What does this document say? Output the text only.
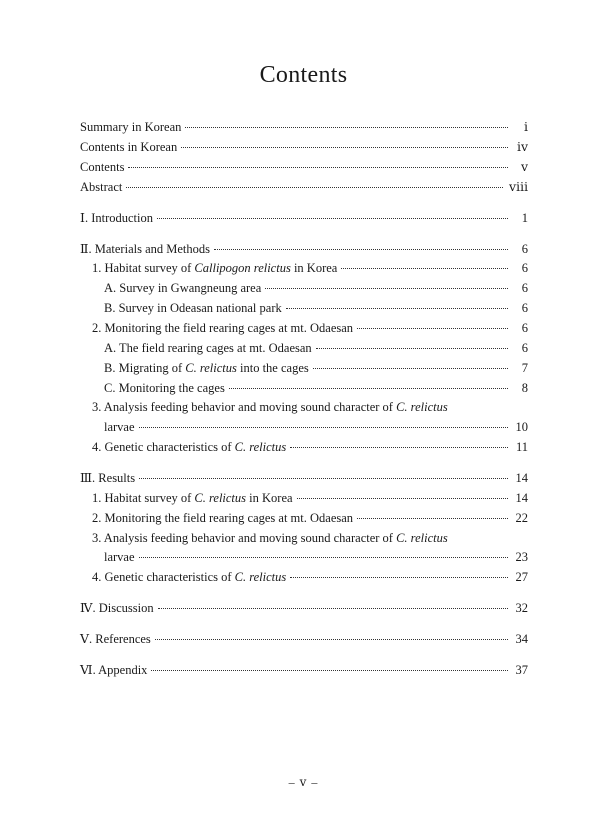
Contents
Summary in Korean	ⅰ
Contents in Korean	ⅳ
Contents	ⅴ
Abstract	ⅷ
Ⅰ. Introduction	1
Ⅱ. Materials and Methods	6
1. Habitat survey of Callipogon relictus in Korea	6
A. Survey in Gwangneung area	6
B. Survey in Odeasan national park	6
2. Monitoring the field rearing cages at mt. Odaesan	6
A. The field rearing cages at mt. Odaesan	6
B. Migrating of C. relictus into the cages	7
C. Monitoring the cages	8
3. Analysis feeding behavior and moving sound character of C. relictus
larvae	10
4. Genetic characteristics of C. relictus	11
Ⅲ. Results	14
1. Habitat survey of C. relictus in Korea	14
2. Monitoring the field rearing cages at mt. Odaesan	22
3. Analysis feeding behavior and moving sound character of C. relictus
larvae	23
4. Genetic characteristics of C. relictus	27
Ⅳ. Discussion	32
Ⅴ. References	34
Ⅵ. Appendix	37
– ⅴ –
